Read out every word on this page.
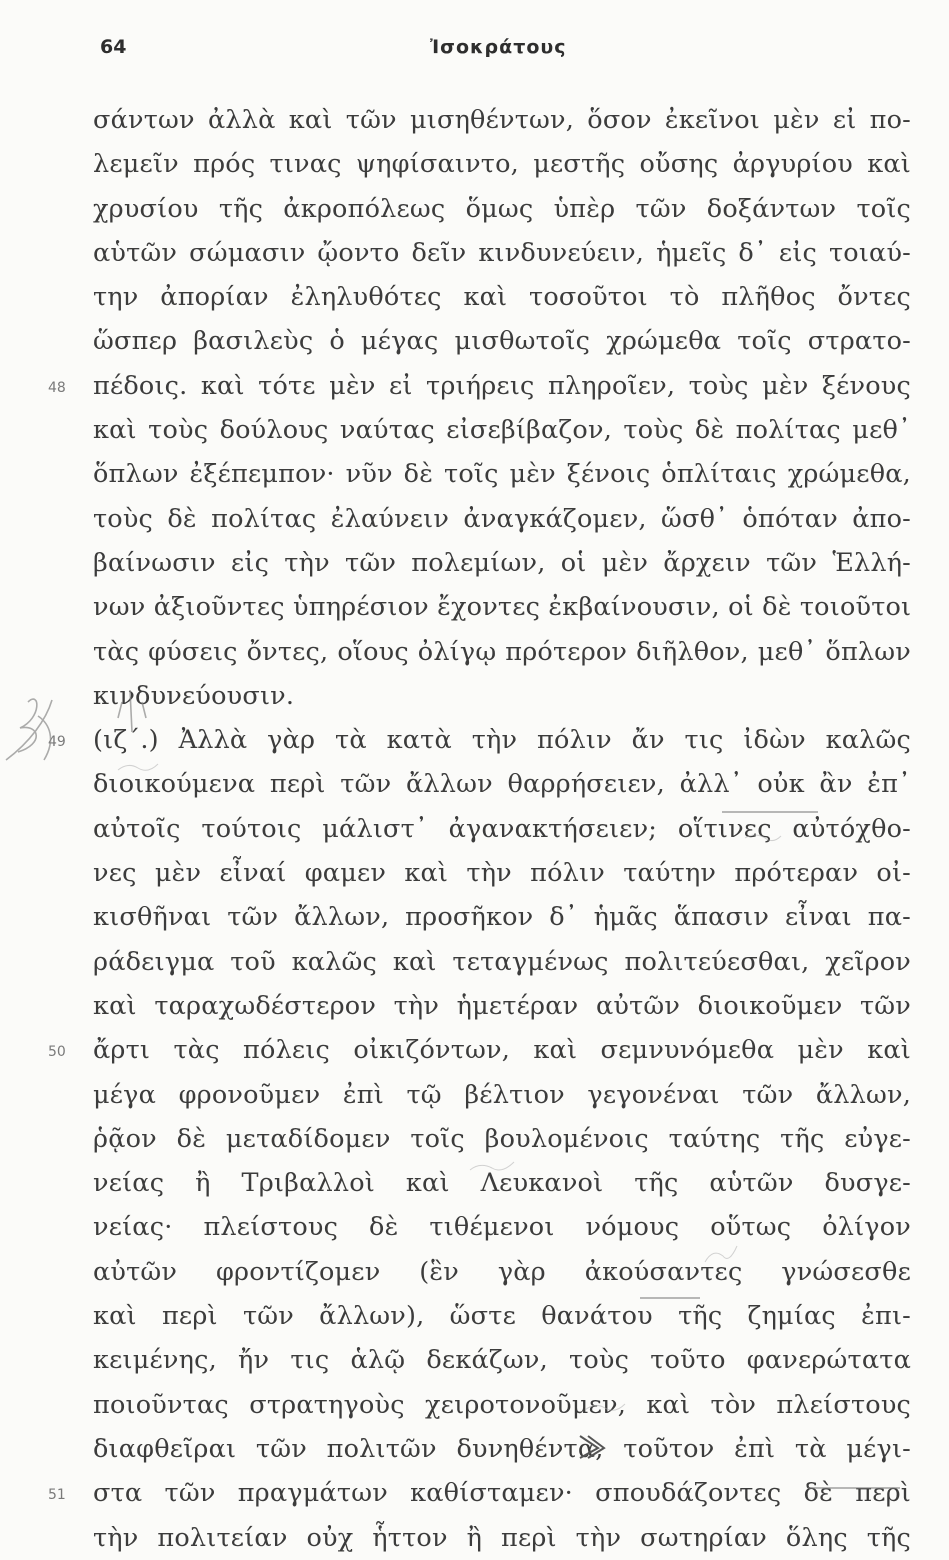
64	Ἰσοκράτους
σάντων ἀλλὰ καὶ τῶν μισηθέντων, ὅσον ἐκεῖνοι μὲν εἰ πο-
λεμεῖν πρός τινας ψηφίσαιντο, μεστῆς οὔσης ἀργυρίου καὶ
χρυσίου τῆς ἀκροπόλεως ὅμως ὑπὲρ τῶν δοξάντων τοῖς
αὑτῶν σώμασιν ᾤοντο δεῖν κινδυνεύειν, ἡμεῖς δ᾽ εἰς τοιαύ-
την ἀπορίαν ἐληλυθότες καὶ τοσοῦτοι τὸ πλῆθος ὄντες
ὥσπερ βασιλεὺς ὁ μέγας μισθωτοῖς χρώμεθα τοῖς στρατο-
48 πέδοις. καὶ τότε μὲν εἰ τριήρεις πληροῖεν, τοὺς μὲν ξένους
καὶ τοὺς δούλους ναύτας εἰσεβίβαζον, τοὺς δὲ πολίτας μεθ᾽
ὅπλων ἐξέπεμπον· νῦν δὲ τοῖς μὲν ξένοις ὁπλίταις χρώμεθα,
τοὺς δὲ πολίτας ἐλαύνειν ἀναγκάζομεν, ὥσθ᾽ ὁπόταν ἀπο-
βαίνωσιν εἰς τὴν τῶν πολεμίων, οἱ μὲν ἄρχειν τῶν Ἑλλή-
νων ἀξιοῦντες ὑπηρέσιον ἔχοντες ἐκβαίνουσιν, οἱ δὲ τοιοῦτοι
τὰς φύσεις ὄντες, οἵους ὀλίγῳ πρότερον διῆλθον, μεθ᾽ ὅπλων
κινδυνεύουσιν.
49 (ιζ΄.) Ἀλλὰ γὰρ τὰ κατὰ τὴν πόλιν ἄν τις ἰδὼν καλῶς
διοικούμενα περὶ τῶν ἄλλων θαρρήσειεν, ἀλλ᾽ οὐκ ἂν ἐπ᾽
αὐτοῖς τούτοις μάλιστ᾽ ἀγανακτήσειεν; οἵτινες αὐτόχθο-
νες μὲν εἶναί φαμεν καὶ τὴν πόλιν ταύτην πρότεραν οἰ-
κισθῆναι τῶν ἄλλων, προσῆκον δ᾽ ἡμᾶς ἅπασιν εἶναι πα-
ράδειγμα τοῦ καλῶς καὶ τεταγμένως πολιτεύεσθαι, χεῖρον
καὶ ταραχωδέστερον τὴν ἡμετέραν αὐτῶν διοικοῦμεν τῶν
50 ἄρτι τὰς πόλεις οἰκιζόντων, καὶ σεμνυνόμεθα μὲν καὶ
μέγα φρονοῦμεν ἐπὶ τῷ βέλτιον γεγονέναι τῶν ἄλλων,
ῥᾷον δὲ μεταδίδομεν τοῖς βουλομένοις ταύτης τῆς εὐγε-
νείας ἢ Τριβαλλοὶ καὶ Λευκανοὶ τῆς αὑτῶν δυσγε-
νείας· πλείστους δὲ τιθέμενοι νόμους οὕτως ὀλίγον
αὐτῶν φροντίζομεν (ἓν γὰρ ἀκούσαντες γνώσεσθε
καὶ περὶ τῶν ἄλλων), ὥστε θανάτου τῆς ζημίας ἐπι-
κειμένης, ἤν τις ἁλῷ δεκάζων, τοὺς τοῦτο φανερώτατα
ποιοῦντας στρατηγοὺς χειροτονοῦμεν, καὶ τὸν πλείστους
διαφθεῖραι τῶν πολιτῶν δυνηθέντα, τοῦτον ἐπὶ τὰ μέγι-
51 στα τῶν πραγμάτων καθίσταμεν· σπουδάζοντες δὲ περὶ
τὴν πολιτείαν οὐχ ἧττον ἢ περὶ τὴν σωτηρίαν ὅλης τῆς
